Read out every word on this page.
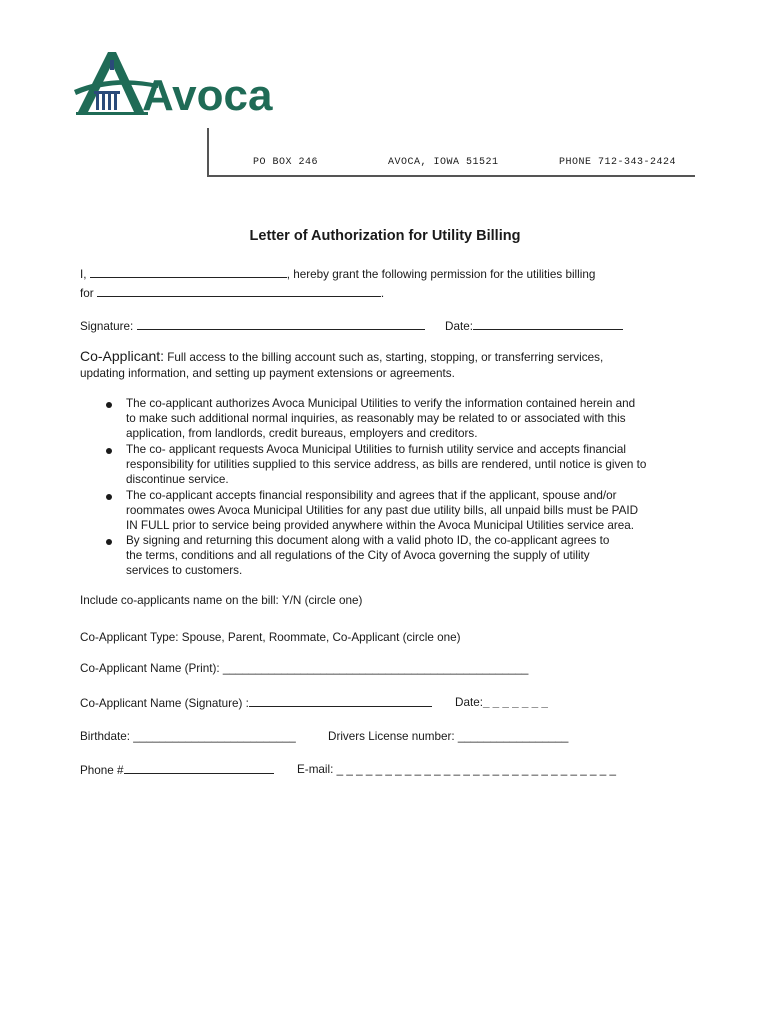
Avoca
PO BOX 246	AVOCA, IOWA 51521	PHONE 712-343-2424
Letter of Authorization for Utility Billing
I,	, hereby grant the following permission for the utilities billing
for	.
Signature:	Date:
Co-Applicant: Full access to the billing account such as, starting, stopping, or transferring services,
updating information, and setting up payment extensions or agreements.
The co-applicant authorizes Avoca Municipal Utilities to verify the information contained herein and
to make such additional normal inquiries, as reasonably may be related to or associated with this
application, from landlords, credit bureaus, employers and creditors.
The co- applicant requests Avoca Municipal Utilities to furnish utility service and accepts financial
responsibility for utilities supplied to this service address, as bills are rendered, until notice is given to
discontinue service.
The co-applicant accepts financial responsibility and agrees that if the applicant, spouse and/or
roommates owes Avoca Municipal Utilities for any past due utility bills, all unpaid bills must be PAID
IN FULL prior to service being provided anywhere within the Avoca Municipal Utilities service area.
By signing and returning this document along with a valid photo ID, the co-applicant agrees to
the terms, conditions and all regulations of the City of Avoca governing the supply of utility
services to customers.
Include co-applicants name on the bill: Y/N (circle one)
Co-Applicant Type: Spouse, Parent, Roommate, Co-Applicant (circle one)
Co-Applicant Name (Print): _______________________________________________
Co-Applicant Name (Signature) :	Date:_ _ _ _ _ _ _
Birthdate: _________________________	Drivers License number: _________________
Phone #	E-mail: _ _ _ _ _ _ _ _ _ _ _ _ _ _ _ _ _ _ _ _ _ _ _ _ _ _ _ _ _
